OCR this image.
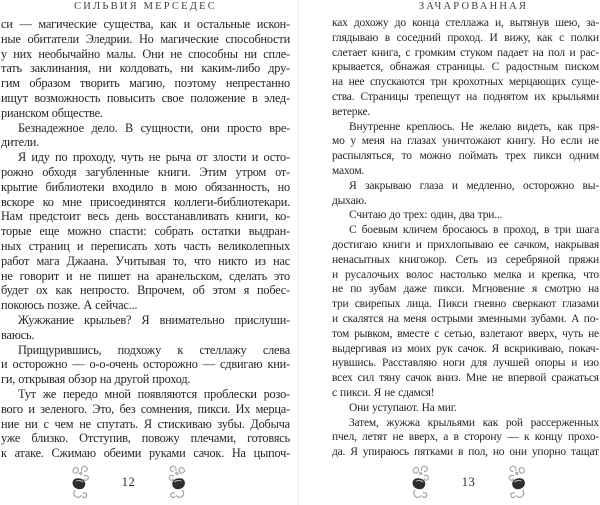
СИЛЬВИЯ МЕРСЕДЕС
си — магические существа, как и остальные искон-
ные обитатели Эледрии. Но магические способности
у них необычайно малы. Они не способны ни спле-
тать заклинания, ни колдовать, ни каким-либо дру-
гим образом творить магию, поэтому непрестанно
ищут возможность повысить свое положение в элед-
рианском обществе.
Безнадежное дело. В сущности, они просто вре-
дители.
Я иду по проходу, чуть не рыча от злости и осто-
рожно обходя загубленные книги. Этим утром от-
крытие библиотеки входило в мою обязанность, но
вскоре ко мне присоединятся коллеги-библиотекари.
Нам предстоит весь день восстанавливать книги, ко-
торые еще можно спасти: собрать остатки выдран-
ных страниц и переписать хоть часть великолепных
работ мага Джаана. Учитывая то, что никто из нас
не говорит и не пишет на аранельском, сделать это
будет ох как непросто. Впрочем, об этом я побес-
покоюсь позже. А сейчас...
Жужжание крыльев? Я внимательно прислуши-
ваюсь.
Прищурившись, подхожу к стеллажу слева
и осторожно — о-о-очень осторожно — сдвигаю кни-
ги, открывая обзор на другой проход.
Тут же передо мной появляются проблески розо-
вого и зеленого. Это, без сомнения, пикси. Их мерца-
ние ни с чем не спутать. Я стискиваю зубы. Добыча
уже близко. Отступив, повожу плечами, готовясь
к атаке. Сжимаю обеими руками сачок. На цыпоч-
12
ЗАЧАРОВАННАЯ
ках дохожу до конца стеллажа и, вытянув шею, за-
глядываю в соседний проход. И вижу, как с полки
слетает книга, с громким стуком падает на пол и рас-
крывается, обнажая страницы. С радостным писком
на нее спускаются три крохотных мерцающих суще-
ства. Страницы трепещут на поднятом их крыльями
ветерке.
Внутренне креплюсь. Не желаю видеть, как пря-
мо у меня на глазах уничтожают книгу. Но если не
распыляться, то можно поймать трех пикси одним
махом.
Я закрываю глаза и медленно, осторожно вы-
дыхаю.
Считаю до трех: один, два три...
С боевым кличем бросаюсь в проход, в три шага
достигаю книги и прихлопываю ее сачком, накрывая
ненасытных книгожор. Сеть из серебряной пряжи
и русалочьих волос настолько мелка и крепка, что
не по зубам даже пикси. Мгновение я смотрю на
три свирепых лица. Пикси гневно сверкают глазами
и скалятся на меня острыми змеиными зубами. А по-
том рывком, вместе с сетью, взлетают вверх, чуть не
выдергивая из моих рук сачок. Я вскрикиваю, покач-
нувшись. Расставляю ноги для лучшей опоры и изо
всех сил тяну сачок вниз. Мне не впервой сражаться
с пикси. Я не сдамся!
Они уступают. На миг.
Затем, жужжа крыльями как рой рассерженных
пчел, летят не вверх, а в сторону — к концу прохо-
да. Я упираюсь пятками в пол, но они упорно тащат
13
